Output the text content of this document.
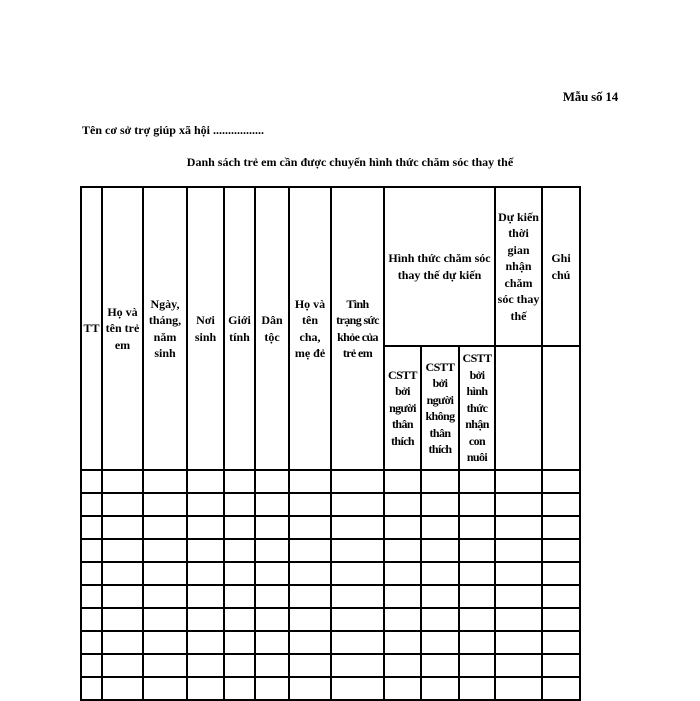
Mẫu số 14
Tên cơ sở trợ giúp xã hội .................
Danh sách trẻ em cần được chuyển hình thức chăm sóc thay thế
TT	Họ và tên trẻ em	Ngày, tháng, năm sinh	Nơi sinh	Giới tính	Dân tộc	Họ và tên cha, mẹ đẻ	Tình trạng sức khỏe của trẻ em	Hình thức chăm sóc thay thế dự kiến			Dự kiến thời gian nhận chăm sóc thay thế	Ghi chú
								CSTT bởi người thân thích	CSTT bởi người không thân thích	CSTT bởi hình thức nhận con nuôi		
